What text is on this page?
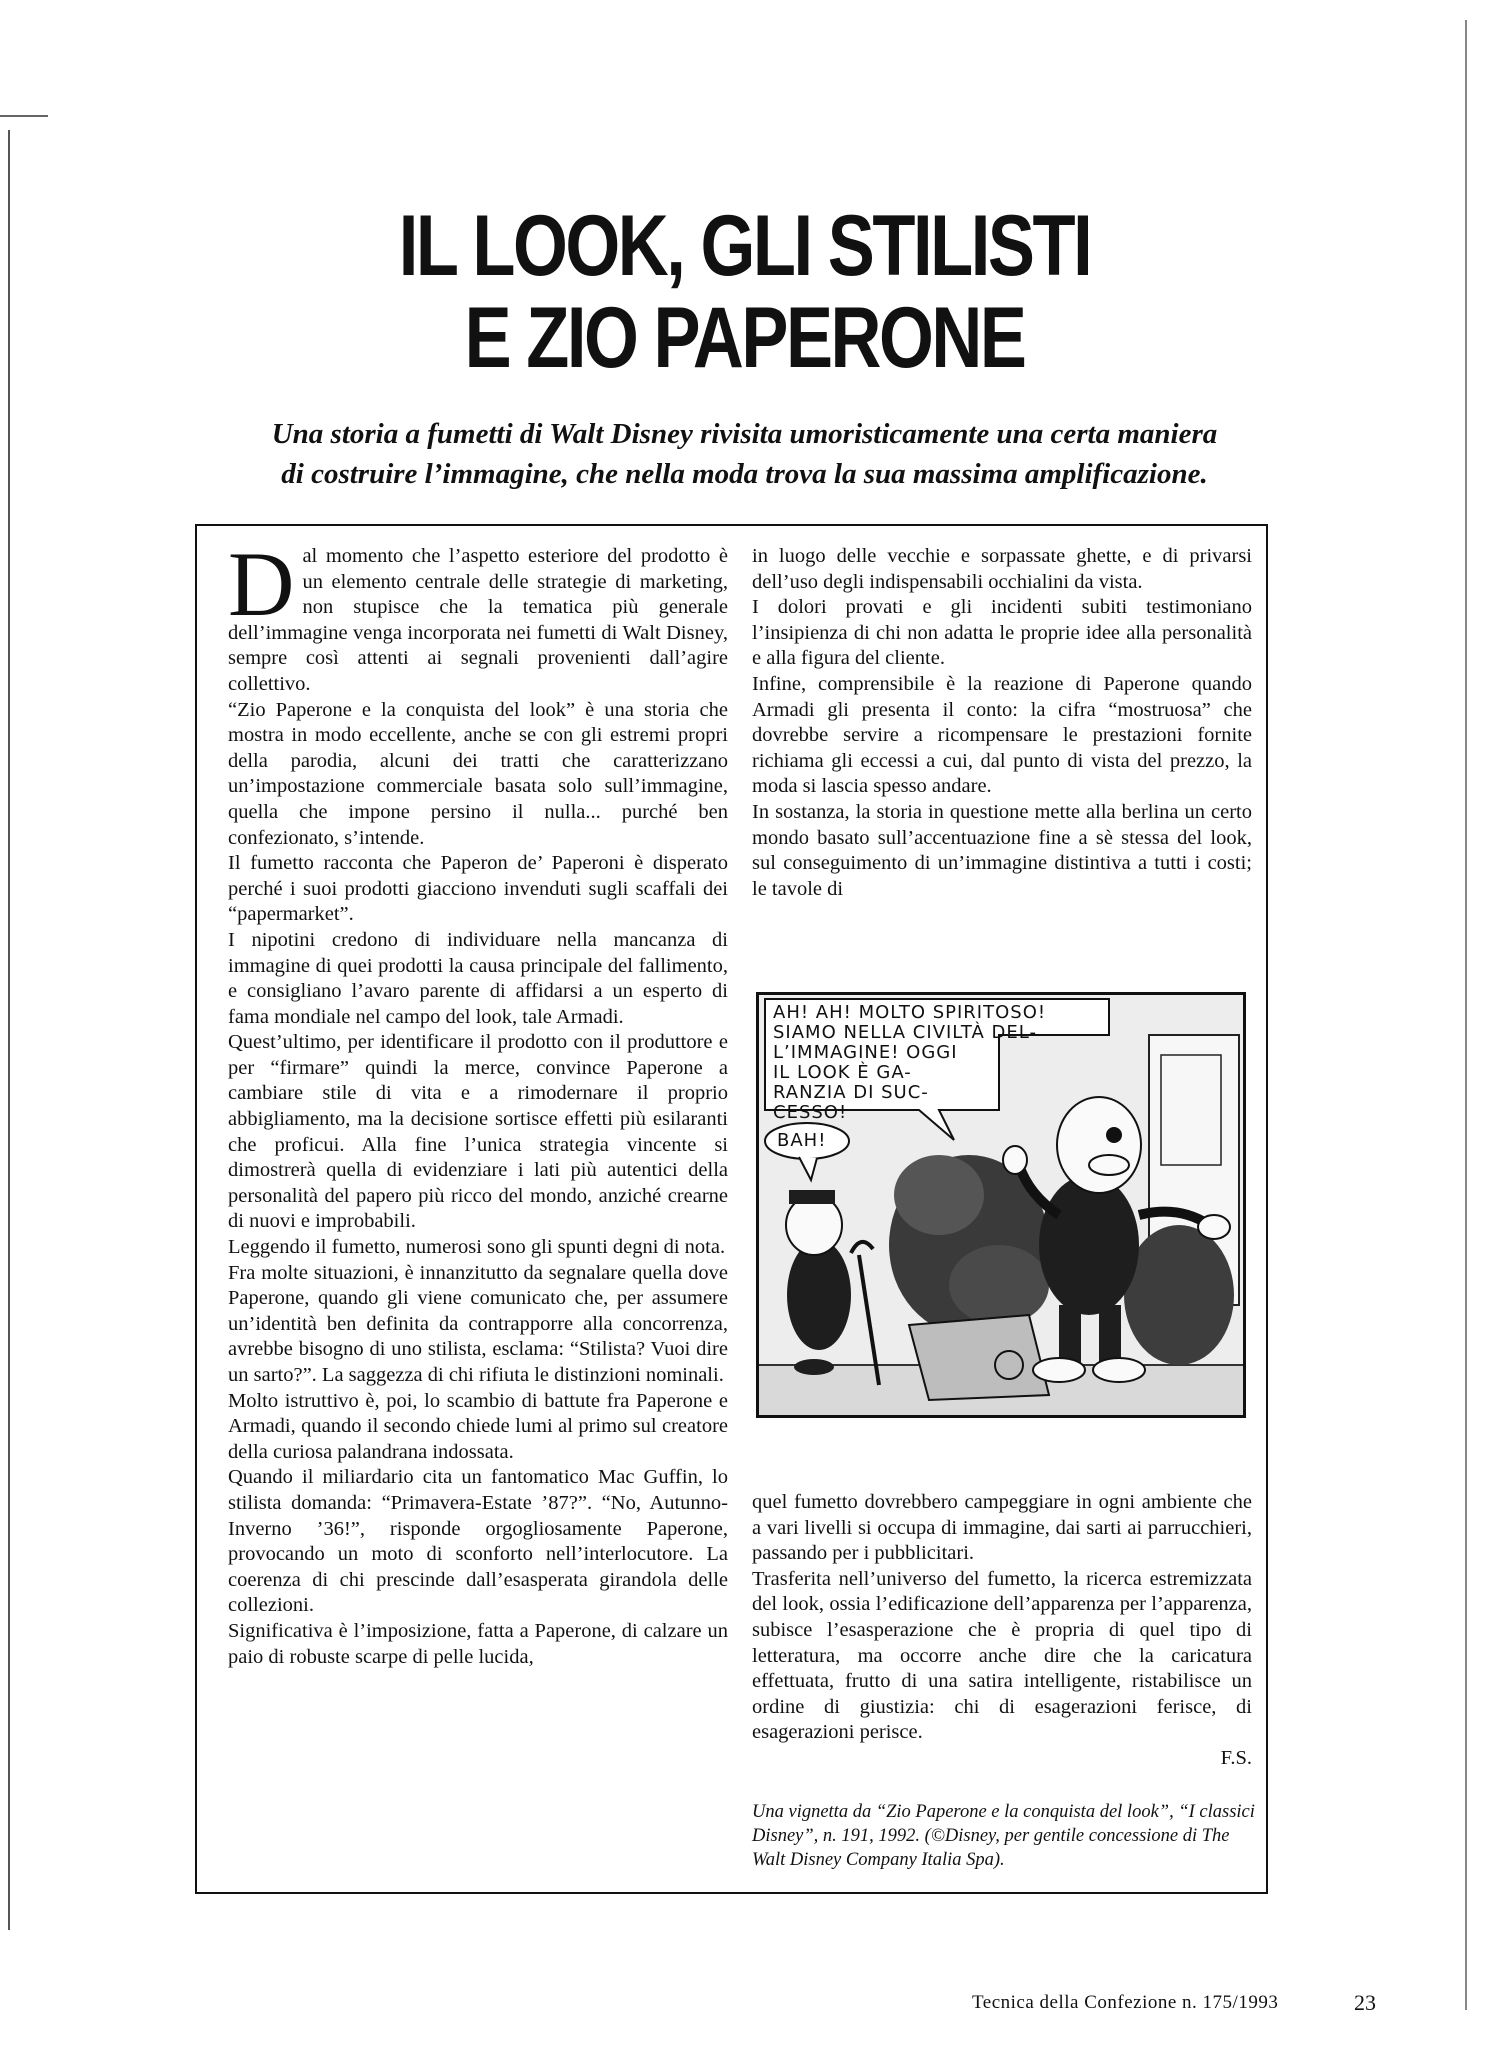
IL LOOK, GLI STILISTI
E ZIO PAPERONE
Una storia a fumetti di Walt Disney rivisita umoristicamente una certa maniera
di costruire l’immagine, che nella moda trova la sua massima amplificazione.

Dal momento che l’aspetto esteriore del prodotto è un elemento centrale delle strategie di marketing, non stupisce che la tematica più generale dell’immagine venga incorporata nei fumetti di Walt Disney, sempre così attenti ai segnali provenienti dall’agire collettivo.

“Zio Paperone e la conquista del look” è una storia che mostra in modo eccellente, anche se con gli estremi propri della parodia, alcuni dei tratti che caratterizzano un’impostazione commerciale basata solo sull’immagine, quella che impone persino il nulla... purché ben confezionato, s’intende.

Il fumetto racconta che Paperon de’ Paperoni è disperato perché i suoi prodotti giacciono invenduti sugli scaffali dei “papermarket”.

I nipotini credono di individuare nella mancanza di immagine di quei prodotti la causa principale del fallimento, e consigliano l’avaro parente di affidarsi a un esperto di fama mondiale nel campo del look, tale Armadi.

Quest’ultimo, per identificare il prodotto con il produttore e per “firmare” quindi la merce, convince Paperone a cambiare stile di vita e a rimodernare il proprio abbigliamento, ma la decisione sortisce effetti più esilaranti che proficui. Alla fine l’unica strategia vincente si dimostrerà quella di evidenziare i lati più autentici della personalità del papero più ricco del mondo, anziché crearne di nuovi e improbabili.

Leggendo il fumetto, numerosi sono gli spunti degni di nota.

Fra molte situazioni, è innanzitutto da segnalare quella dove Paperone, quando gli viene comunicato che, per assumere un’identità ben definita da contrapporre alla concorrenza, avrebbe bisogno di uno stilista, esclama: “Stilista? Vuoi dire un sarto?”. La saggezza di chi rifiuta le distinzioni nominali.

Molto istruttivo è, poi, lo scambio di battute fra Paperone e Armadi, quando il secondo chiede lumi al primo sul creatore della curiosa palandrana indossata.

Quando il miliardario cita un fantomatico Mac Guffin, lo stilista domanda: “Primavera-Estate ’87?”. “No, Autunno-Inverno ’36!”, risponde orgogliosamente Paperone, provocando un moto di sconforto nell’interlocutore. La coerenza di chi prescinde dall’esasperata girandola delle collezioni.

Significativa è l’imposizione, fatta a Paperone, di calzare un paio di robuste scarpe di pelle lucida,

in luogo delle vecchie e sorpassate ghette, e di privarsi dell’uso degli indispensabili occhialini da vista.

I dolori provati e gli incidenti subiti testimoniano l’insipienza di chi non adatta le proprie idee alla personalità e alla figura del cliente.

Infine, comprensibile è la reazione di Paperone quando Armadi gli presenta il conto: la cifra “mostruosa” che dovrebbe servire a ricompensare le prestazioni fornite richiama gli eccessi a cui, dal punto di vista del prezzo, la moda si lascia spesso andare.

In sostanza, la storia in questione mette alla berlina un certo mondo basato sull’accentuazione fine a sè stessa del look, sul conseguimento di un’immagine distintiva a tutti i costi; le tavole di

AH! AH! MOLTO SPIRITOSO!
SIAMO NELLA CIVILTÀ DEL-
L’IMMAGINE! OGGI
IL LOOK È GA-
RANZIA DI SUC-
CESSO!
BAH!

quel fumetto dovrebbero campeggiare in ogni ambiente che a vari livelli si occupa di immagine, dai sarti ai parrucchieri, passando per i pubblicitari.

Trasferita nell’universo del fumetto, la ricerca estremizzata del look, ossia l’edificazione dell’apparenza per l’apparenza, subisce l’esasperazione che è propria di quel tipo di letteratura, ma occorre anche dire che la caricatura effettuata, frutto di una satira intelligente, ristabilisce un ordine di giustizia: chi di esagerazioni ferisce, di esagerazioni perisce.

F.S.

Una vignetta da “Zio Paperone e la conquista del look”, “I classici Disney”, n. 191, 1992. (©Disney, per gentile concessione di The Walt Disney Company Italia Spa).
Tecnica della Confezione n. 175/1993	23
